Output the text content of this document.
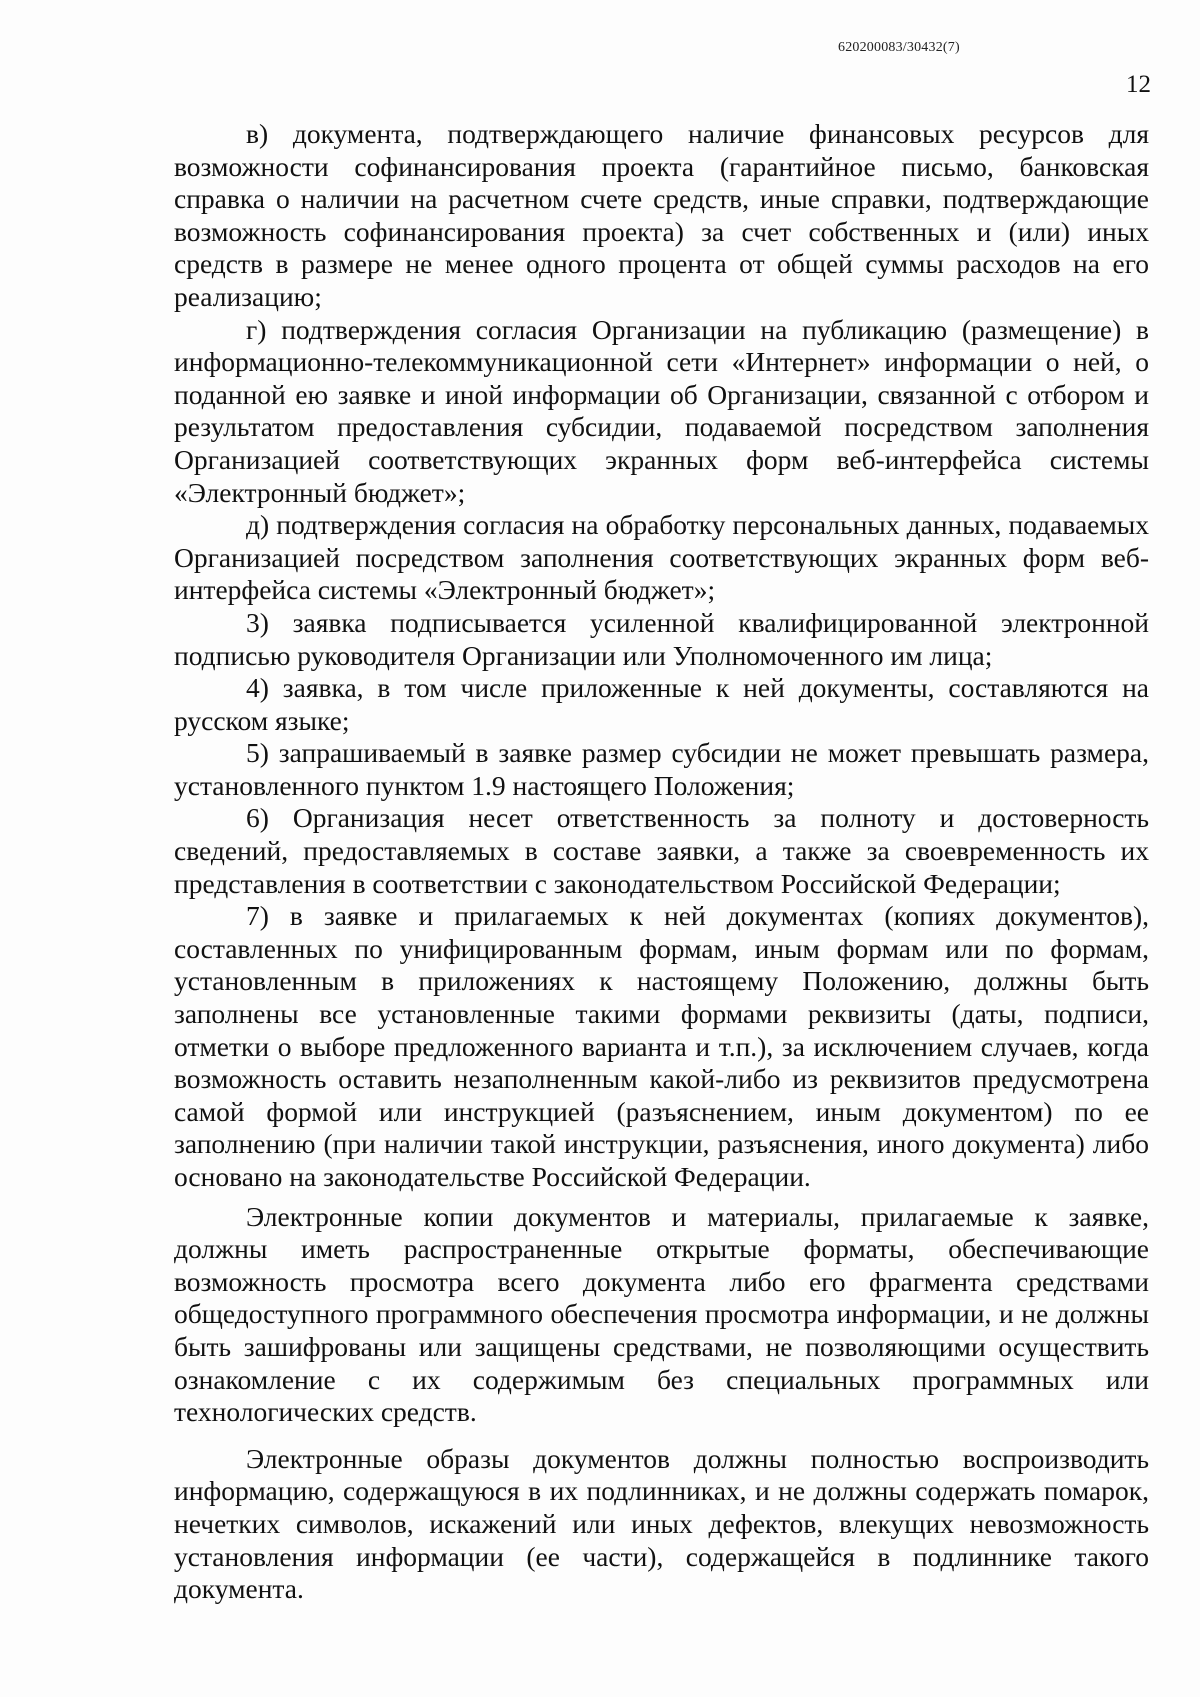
620200083/30432(7)
12

в) документа, подтверждающего наличие финансовых ресурсов для возможности софинансирования проекта (гарантийное письмо, банковская справка о наличии на расчетном счете средств, иные справки, подтверждающие возможность софинансирования проекта) за счет собственных и (или) иных средств в размере не менее одного процента от общей суммы расходов на его реализацию;

г) подтверждения согласия Организации на публикацию (размещение) в информационно-телекоммуникационной сети «Интернет» информации о ней, о поданной ею заявке и иной информации об Организации, связанной с отбором и результатом предоставления субсидии, подаваемой посредством заполнения Организацией соответствующих экранных форм веб-интерфейса системы «Электронный бюджет»;

д) подтверждения согласия на обработку персональных данных, подаваемых Организацией посредством заполнения соответствующих экранных форм веб-интерфейса системы «Электронный бюджет»;

3) заявка подписывается усиленной квалифицированной электронной подписью руководителя Организации или Уполномоченного им лица;

4) заявка, в том числе приложенные к ней документы, составляются на русском языке;

5) запрашиваемый в заявке размер субсидии не может превышать размера, установленного пунктом 1.9 настоящего Положения;

6) Организация несет ответственность за полноту и достоверность сведений, предоставляемых в составе заявки, а также за своевременность их представления в соответствии с законодательством Российской Федерации;

7) в заявке и прилагаемых к ней документах (копиях документов), составленных по унифицированным формам, иным формам или по формам, установленным в приложениях к настоящему Положению, должны быть заполнены все установленные такими формами реквизиты (даты, подписи, отметки о выборе предложенного варианта и т.п.), за исключением случаев, когда возможность оставить незаполненным какой-либо из реквизитов предусмотрена самой формой или инструкцией (разъяснением, иным документом) по ее заполнению (при наличии такой инструкции, разъяснения, иного документа) либо основано на законодательстве Российской Федерации.

Электронные копии документов и материалы, прилагаемые к заявке, должны иметь распространенные открытые форматы, обеспечивающие возможность просмотра всего документа либо его фрагмента средствами общедоступного программного обеспечения просмотра информации, и не должны быть зашифрованы или защищены средствами, не позволяющими осуществить ознакомление с их содержимым без специальных программных или технологических средств.

Электронные образы документов должны полностью воспроизводить информацию, содержащуюся в их подлинниках, и не должны содержать помарок, нечетких символов, искажений или иных дефектов, влекущих невозможность установления информации (ее части), содержащейся в подлиннике такого документа.
